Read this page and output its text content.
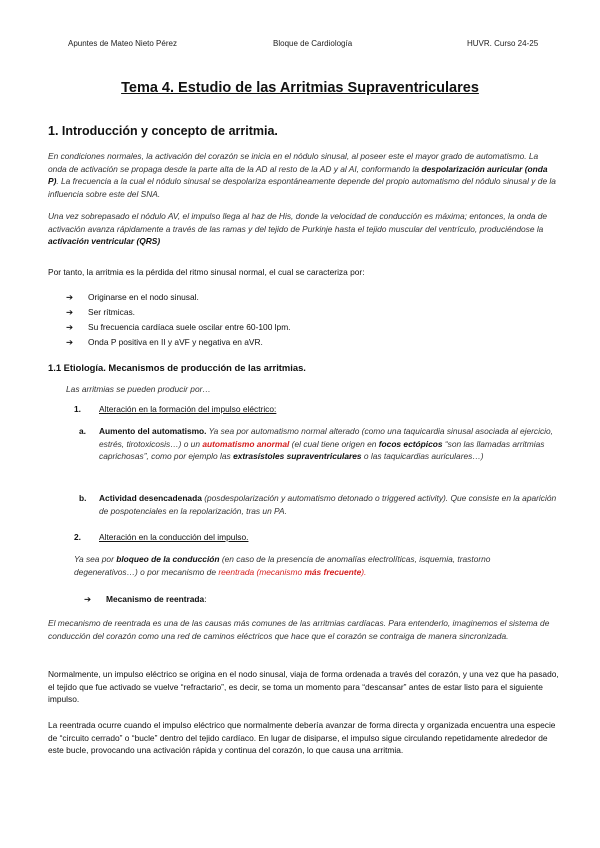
Apuntes de Mateo Nieto Pérez	Bloque de Cardiología	HUVR. Curso 24-25
Tema 4. Estudio de las Arritmias Supraventriculares
1. Introducción y concepto de arritmia.
En condiciones normales, la activación del corazón se inicia en el nódulo sinusal, al poseer este el mayor grado de automatismo. La onda de activación se propaga desde la parte alta de la AD al resto de la AD y al AI, conformando la despolarización auricular (onda P). La frecuencia a la cual el nódulo sinusal se despolariza espontáneamente depende del propio automatismo del nódulo sinusal y de la influencia sobre este del SNA.
Una vez sobrepasado el nódulo AV, el impulso llega al haz de His, donde la velocidad de conducción es máxima; entonces, la onda de activación avanza rápidamente a través de las ramas y del tejido de Purkinje hasta el tejido muscular del ventrículo, produciéndose la activación ventricular (QRS)
Por tanto, la arritmia es la pérdida del ritmo sinusal normal, el cual se caracteriza por:
➔ Originarse en el nodo sinusal.
➔ Ser rítmicas.
➔ Su frecuencia cardíaca suele oscilar entre 60-100 lpm.
➔ Onda P positiva en II y aVF y negativa en aVR.
1.1 Etiología. Mecanismos de producción de las arritmias.
Las arritmias se pueden producir por…
1. Alteración en la formación del impulso eléctrico:
a. Aumento del automatismo. Ya sea por automatismo normal alterado (como una taquicardia sinusal asociada al ejercicio, estrés, tirotoxicosis…) o un automatismo anormal (el cual tiene origen en focos ectópicos “son las llamadas arritmias caprichosas”, como por ejemplo las extrasístoles supraventriculares o las taquicardias auriculares…)
b. Actividad desencadenada (posdespolarización y automatismo detonado o triggered activity). Que consiste en la aparición de pospotenciales en la repolarización, tras un PA.
2. Alteración en la conducción del impulso.
Ya sea por bloqueo de la conducción (en caso de la presencia de anomalías electrolíticas, isquemia, trastorno degenerativos…) o por mecanismo de reentrada (mecanismo más frecuente).
➔ Mecanismo de reentrada:
El mecanismo de reentrada es una de las causas más comunes de las arritmias cardíacas. Para entenderlo, imaginemos el sistema de conducción del corazón como una red de caminos eléctricos que hace que el corazón se contraiga de manera sincronizada.
Normalmente, un impulso eléctrico se origina en el nodo sinusal, viaja de forma ordenada a través del corazón, y una vez que ha pasado, el tejido que fue activado se vuelve “refractario”, es decir, se toma un momento para “descansar” antes de estar listo para el siguiente impulso.
La reentrada ocurre cuando el impulso eléctrico que normalmente debería avanzar de forma directa y organizada encuentra una especie de “circuito cerrado” o “bucle” dentro del tejido cardíaco. En lugar de disiparse, el impulso sigue circulando repetidamente alrededor de este bucle, provocando una activación rápida y continua del corazón, lo que causa una arritmia.
